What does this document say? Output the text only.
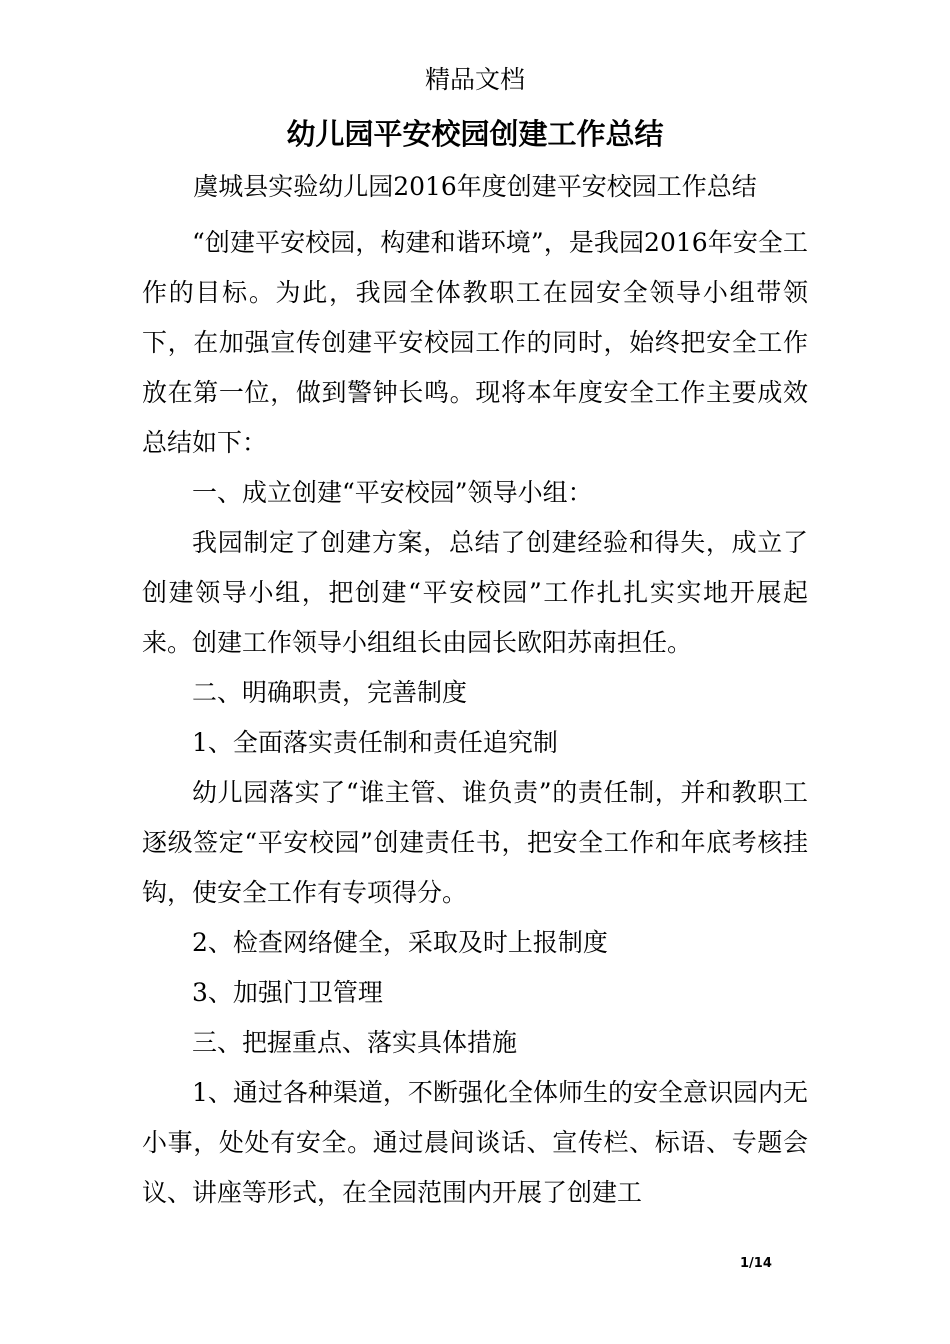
精品文档
幼儿园平安校园创建工作总结
虞城县实验幼儿园2016年度创建平安校园工作总结

“创建平安校园，构建和谐环境”，是我园2016年安全工作的目标。为此，我园全体教职工在园安全领导小组带领下，在加强宣传创建平安校园工作的同时，始终把安全工作放在第一位，做到警钟长鸣。现将本年度安全工作主要成效总结如下：

一、成立创建“平安校园”领导小组：

我园制定了创建方案，总结了创建经验和得失，成立了创建领导小组，把创建“平安校园”工作扎扎实实地开展起来。创建工作领导小组组长由园长欧阳苏南担任。

二、明确职责，完善制度

1、全面落实责任制和责任追究制

幼儿园落实了“谁主管、谁负责”的责任制，并和教职工逐级签定“平安校园”创建责任书，把安全工作和年底考核挂钩，使安全工作有专项得分。

2、检查网络健全，采取及时上报制度

3、加强门卫管理

三、把握重点、落实具体措施

1、通过各种渠道，不断强化全体师生的安全意识园内无小事，处处有安全。通过晨间谈话、宣传栏、标语、专题会议、讲座等形式，在全园范围内开展了创建工

1/14
